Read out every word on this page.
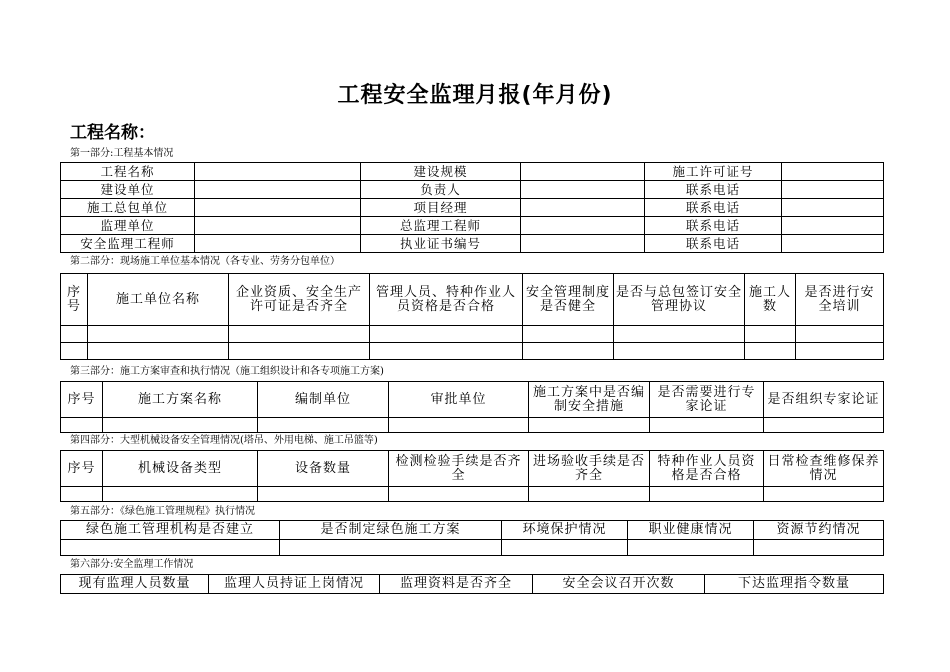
工程安全监理月报(年月份)
工程名称：
第一部分:工程基本情况
工程名称		建设规模		施工许可证号	
建设单位		负责人		联系电话	
施工总包单位		项目经理		联系电话	
监理单位		总监理工程师		联系电话	
安全监理工程师		执业证书编号		联系电话	
第二部分：现场施工单位基本情况（各专业、劳务分包单位）
序号	施工单位名称	企业资质、安全生产许可证是否齐全	管理人员、特种作业人员资格是否合格	安全管理制度是否健全	是否与总包签订安全管理协议	施工人数	是否进行安全培训

第三部分：施工方案审查和执行情况（施工组织设计和各专项施工方案)
序号	施工方案名称	编制单位	审批单位	施工方案中是否编制安全措施	是否需要进行专家论证	是否组织专家论证

第四部分：大型机械设备安全管理情况(塔吊、外用电梯、施工吊篮等)
序号	机械设备类型	设备数量	检测检验手续是否齐全	进场验收手续是否齐全	特种作业人员资格是否合格	日常检查维修保养情况

第五部分：《绿色施工管理规程》执行情况
绿色施工管理机构是否建立	是否制定绿色施工方案	环境保护情况	职业健康情况	资源节约情况

第六部分:安全监理工作情况
现有监理人员数量	监理人员持证上岗情况	监理资料是否齐全	安全会议召开次数	下达监理指令数量
